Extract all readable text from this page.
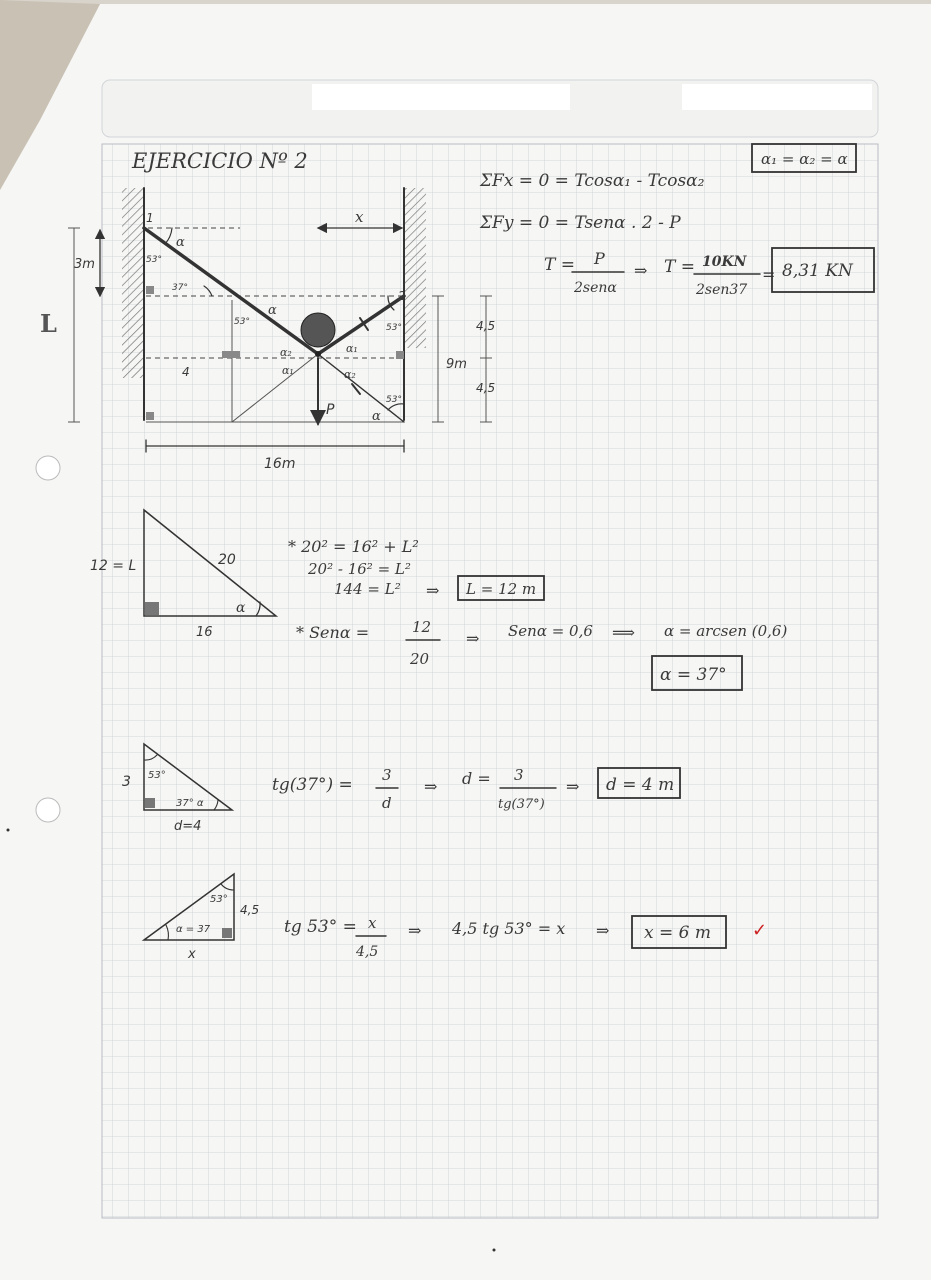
EJERCICIO Nº 2	α₁ = α₂ = α
ΣFx = 0 = Tcosα₁ - Tcosα₂
ΣFy = 0 = Tsenα . 2 - P
T = P
2senα
⇒ T = 10KN
2sen37
= 8,31 KN
x
3m
L
9m
4,5
4,5
4
16m
1
2
P
α
α
α
53°
37°
53°
53°
53°
α₂
α₁
α₁
α₂
12 = L	20
16
α
* 20² = 16² + L²
20² - 16² = L²
144 = L² ⇒ L = 12 m
* Senα =	12
20
⇒ Senα = 0,6 ⟹ α = arcsen (0,6)
α = 37°
3 53°
37° α
d=4
tg(37°) = 3
d
⇒ d = 3
tg(37°)
⇒ d = 4 m
α = 37
53°
4,5
x
tg 53° = x
4,5
⇒ 4,5 tg 53° = x ⇒ x = 6 m ✓
